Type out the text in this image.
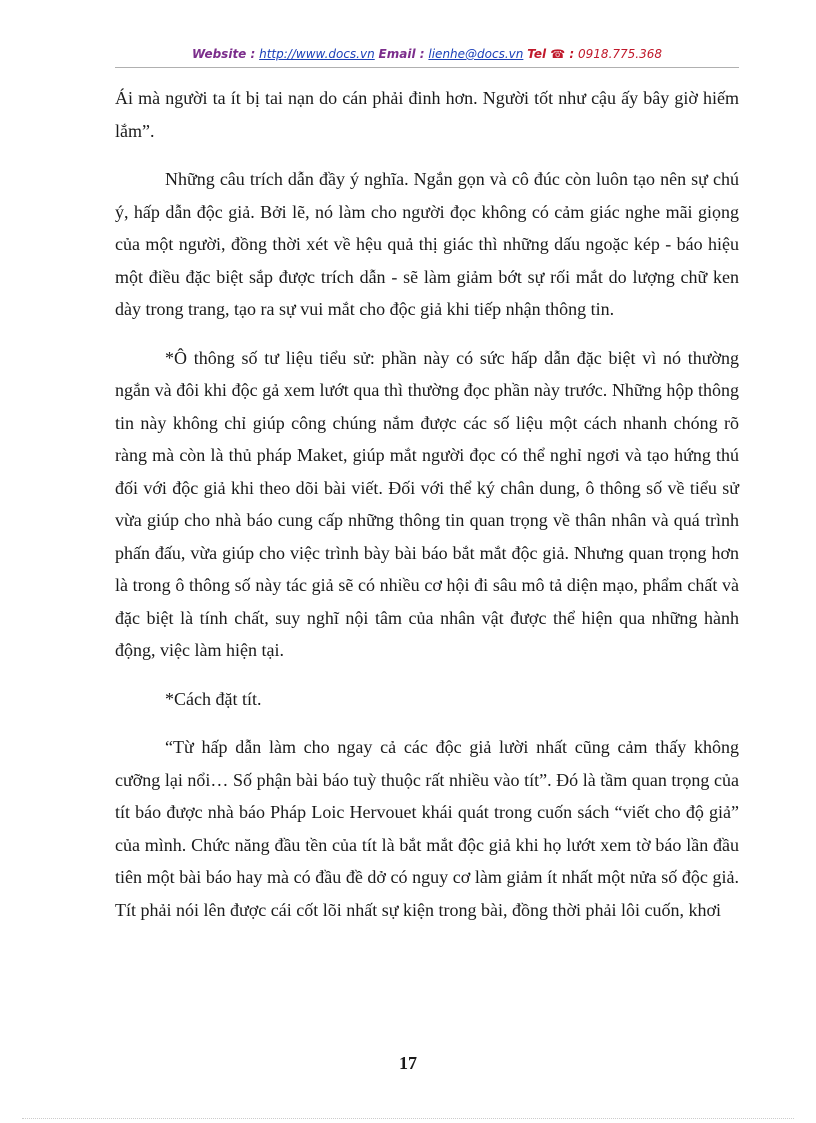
Website : http://www.docs.vn Email : lienhe@docs.vn Tel ☎ : 0918.775.368

Ái mà người ta ít bị tai nạn do cán phải đinh hơn. Người tốt như cậu ấy bây giờ hiếm lắm”.

Những câu trích dẫn đầy ý nghĩa. Ngắn gọn và cô đúc còn luôn tạo nên sự chú ý, hấp dẫn độc giả. Bởi lẽ, nó làm cho người đọc không có cảm giác nghe mãi giọng của một người, đồng thời xét về hệu quả thị giác thì những dấu ngoặc kép - báo hiệu một điều đặc biệt sắp được trích dẫn - sẽ làm giảm bớt sự rối mắt do lượng chữ ken dày trong trang, tạo ra sự vui mắt cho độc giả khi tiếp nhận thông tin.

*Ô thông số tư liệu tiểu sử: phần này có sức hấp dẫn đặc biệt vì nó thường ngắn và đôi khi độc gả xem lướt qua thì thường đọc phần này trước. Những hộp thông tin này không chỉ giúp công chúng nắm được các số liệu một cách nhanh chóng rõ ràng mà còn là thủ pháp Maket, giúp mắt người đọc có thể nghỉ ngơi và tạo hứng thú đối với độc giả khi theo dõi bài viết. Đối với thể ký chân dung, ô thông số về tiểu sử vừa giúp cho nhà báo cung cấp những thông tin quan trọng về thân nhân và quá trình phấn đấu, vừa giúp cho việc trình bày bài báo bắt mắt độc giả. Nhưng quan trọng hơn là trong ô thông số này tác giả sẽ có nhiều cơ hội đi sâu mô tả diện mạo, phẩm chất và đặc biệt là tính chất, suy nghĩ nội tâm của nhân vật được thể hiện qua những hành động, việc làm hiện tại.

*Cách đặt tít.

“Từ hấp dẫn làm cho ngay cả các độc giả lười nhất cũng cảm thấy không cưỡng lại nổi… Số phận bài báo tuỳ thuộc rất nhiều vào tít”. Đó là tầm quan trọng của tít báo được nhà báo Pháp Loic Hervouet khái quát trong cuốn sách “viết cho độ giả” của mình. Chức năng đầu tền của tít là bắt mắt độc giả khi họ lướt xem tờ báo lần đầu tiên một bài báo hay mà có đầu đề dở có nguy cơ làm giảm ít nhất một nửa số độc giả. Tít phải nói lên được cái cốt lõi nhất sự kiện trong bài, đồng thời phải lôi cuốn, khơi

17
